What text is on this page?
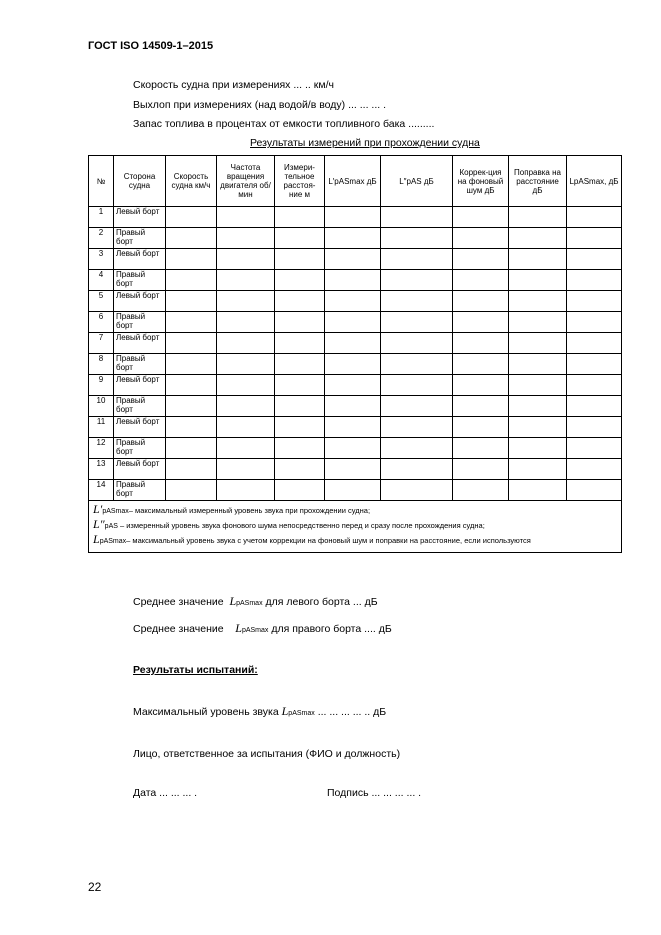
ГОСТ ISO 14509-1–2015
Скорость судна при измерениях ... .. км/ч
Выхлоп при измерениях (над водой/в воду) ... ... ... .
Запас топлива в процентах от емкости топливного бака .........
Результаты измерений при прохождении судна
№	Сторона судна	Скорость судна км/ч	Частота вращения двигателя об/мин	Измери-тельное расстоя-ние м	L′pASmax дБ	L″pAS дБ	Коррек-ция на фоновый шум дБ	Поправка на расстояние дБ	LpASmax, дБ
1	Левый борт								
2	Правый борт								
3	Левый борт								
4	Правый борт								
5	Левый борт								
6	Правый борт								
7	Левый борт								
8	Правый борт								
9	Левый борт								
10	Правый борт								
11	Левый борт								
12	Правый борт								
13	Левый борт								
14	Правый борт								

L′pASmax– максимальный измеренный уровень звука при прохождении судна;
L″pAS – измеренный уровень звука фонового шума непосредственно перед и сразу после прохождения судна;
LpASmax– максимальный уровень звука с учетом коррекции на фоновый шум и поправки на расстояние, если используются									
Среднее значение LpASmax для левого борта ... дБ
Среднее значение LpASmax для правого борта .... дБ
Результаты испытаний:
Максимальный уровень звука LpASmax ... ... ... ... .. дБ
Лицо, ответственное за испытания (ФИО и должность)
Дата ... ... ... .	Подпись ... ... ... ... .
22
